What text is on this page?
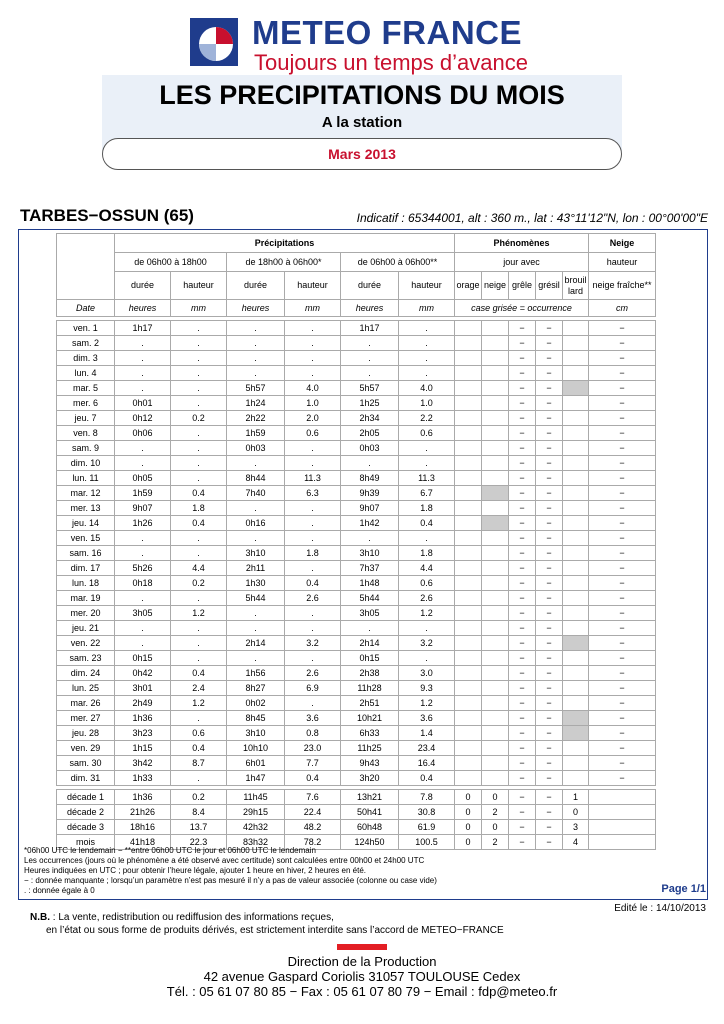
METEO FRANCE
Toujours un temps d’avance
LES PRECIPITATIONS DU MOIS
A la station
Mars 2013
TARBES−OSSUN (65)	Indicatif : 65344001, alt : 360 m., lat : 43°11'12"N, lon : 00°00'00"E
	Précipitations						Phénomènes					Neige
	de 06h00 à 18h00		de 18h00 à 06h00*		de 06h00 à 06h00**		jour avec					hauteur
	durée	hauteur	durée	hauteur	durée	hauteur	orage	neige	grêle	grésil	brouil lard	neige fraîche**
Date	heures	mm	heures	mm	heures	mm	case grisée = occurrence					cm

ven. 1	1h17	.	.	.	1h17	.			−	−		−
sam. 2	.	.	.	.	.	.			−	−		−
dim. 3	.	.	.	.	.	.			−	−		−
lun. 4	.	.	.	.	.	.			−	−		−
mar. 5	.	.	5h57	4.0	5h57	4.0			−	−		−
mer. 6	0h01	.	1h24	1.0	1h25	1.0			−	−		−
jeu. 7	0h12	0.2	2h22	2.0	2h34	2.2			−	−		−
ven. 8	0h06	.	1h59	0.6	2h05	0.6			−	−		−
sam. 9	.	.	0h03	.	0h03	.			−	−		−
dim. 10	.	.	.	.	.	.			−	−		−
lun. 11	0h05	.	8h44	11.3	8h49	11.3			−	−		−
mar. 12	1h59	0.4	7h40	6.3	9h39	6.7			−	−		−
mer. 13	9h07	1.8	.	.	9h07	1.8			−	−		−
jeu. 14	1h26	0.4	0h16	.	1h42	0.4			−	−		−
ven. 15	.	.	.	.	.	.			−	−		−
sam. 16	.	.	3h10	1.8	3h10	1.8			−	−		−
dim. 17	5h26	4.4	2h11	.	7h37	4.4			−	−		−
lun. 18	0h18	0.2	1h30	0.4	1h48	0.6			−	−		−
mar. 19	.	.	5h44	2.6	5h44	2.6			−	−		−
mer. 20	3h05	1.2	.	.	3h05	1.2			−	−		−
jeu. 21	.	.	.	.	.	.			−	−		−
ven. 22	.	.	2h14	3.2	2h14	3.2			−	−		−
sam. 23	0h15	.	.	.	0h15	.			−	−		−
dim. 24	0h42	0.4	1h56	2.6	2h38	3.0			−	−		−
lun. 25	3h01	2.4	8h27	6.9	11h28	9.3			−	−		−
mar. 26	2h49	1.2	0h02	.	2h51	1.2			−	−		−
mer. 27	1h36	.	8h45	3.6	10h21	3.6			−	−		−
jeu. 28	3h23	0.6	3h10	0.8	6h33	1.4			−	−		−
ven. 29	1h15	0.4	10h10	23.0	11h25	23.4			−	−		−
sam. 30	3h42	8.7	6h01	7.7	9h43	16.4			−	−		−
dim. 31	1h33	.	1h47	0.4	3h20	0.4			−	−		−

décade 1	1h36	0.2	11h45	7.6	13h21	7.8	0	0	−	−	1	
décade 2	21h26	8.4	29h15	22.4	50h41	30.8	0	2	−	−	0	
décade 3	18h16	13.7	42h32	48.2	60h48	61.9	0	0	−	−	3	
mois	41h18	22.3	83h32	78.2	124h50	100.5	0	2	−	−	4	
*06h00 UTC le lendemain − **entre 06h00 UTC le jour et 06h00 UTC le lendemain
Les occurrences (jours où le phénomène a été observé avec certitude) sont calculées entre 00h00 et 24h00 UTC
Heures indiquées en UTC ; pour obtenir l’heure légale, ajouter 1 heure en hiver, 2 heures en été.
− : donnée manquante ; lorsqu’un paramètre n’est pas mesuré il n’y a pas de valeur associée (colonne ou case vide)
. : donnée égale à 0	Page 1/1
Edité le : 14/10/2013
N.B. : La vente, redistribution ou rediffusion des informations reçues,
en l’état ou sous forme de produits dérivés, est strictement interdite sans l’accord de METEO−FRANCE
Direction de la Production
42 avenue Gaspard Coriolis 31057 TOULOUSE Cedex
Tél. : 05 61 07 80 85 − Fax : 05 61 07 80 79 − Email : fdp@meteo.fr
